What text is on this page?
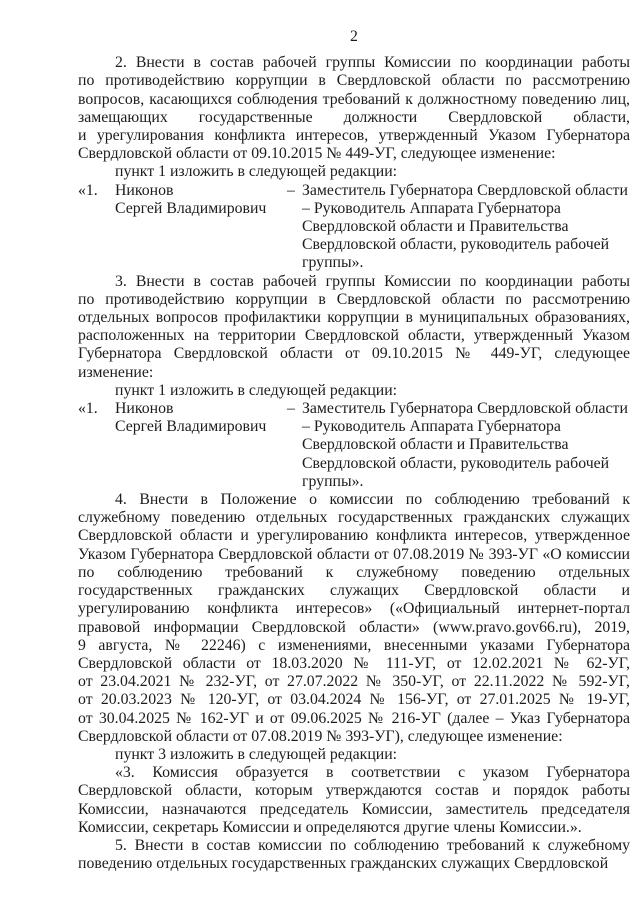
2

2. Внести в состав рабочей группы Комиссии по координации работы по противодействию коррупции в Свердловской области по рассмотрению вопросов, касающихся соблюдения требований к должностному поведению лиц, замещающих государственные должности Свердловской области, и урегулирования конфликта интересов, утвержденный Указом Губернатора Свердловской области от 09.10.2015 № 449-УГ, следующее изменение:

пункт 1 изложить в следующей редакции:

«1.	Никонов
Сергей Владимирович
– Заместитель Губернатора Свердловской области – Руководитель Аппарата Губернатора Свердловской области и Правительства Свердловской области, руководитель рабочей группы».

3. Внести в состав рабочей группы Комиссии по координации работы по противодействию коррупции в Свердловской области по рассмотрению отдельных вопросов профилактики коррупции в муниципальных образованиях, расположенных на территории Свердловской области, утвержденный Указом Губернатора Свердловской области от 09.10.2015 № 449-УГ, следующее изменение:

пункт 1 изложить в следующей редакции:

«1.	Никонов
Сергей Владимирович
– Заместитель Губернатора Свердловской области – Руководитель Аппарата Губернатора Свердловской области и Правительства Свердловской области, руководитель рабочей группы».

4. Внести в Положение о комиссии по соблюдению требований к служебному поведению отдельных государственных гражданских служащих Свердловской области и урегулированию конфликта интересов, утвержденное Указом Губернатора Свердловской области от 07.08.2019 № 393-УГ «О комиссии по соблюдению требований к служебному поведению отдельных государственных гражданских служащих Свердловской области и урегулированию конфликта интересов» («Официальный интернет-портал правовой информации Свердловской области» (www.pravo.gov66.ru), 2019, 9 августа, № 22246) с изменениями, внесенными указами Губернатора Свердловской области от 18.03.2020 № 111-УГ, от 12.02.2021 № 62-УГ, от 23.04.2021 № 232-УГ, от 27.07.2022 № 350-УГ, от 22.11.2022 № 592-УГ, от 20.03.2023 № 120-УГ, от 03.04.2024 № 156-УГ, от 27.01.2025 № 19-УГ, от 30.04.2025 № 162-УГ и от 09.06.2025 № 216-УГ (далее – Указ Губернатора Свердловской области от 07.08.2019 № 393-УГ), следующее изменение:

пункт 3 изложить в следующей редакции:

«3. Комиссия образуется в соответствии с указом Губернатора Свердловской области, которым утверждаются состав и порядок работы Комиссии, назначаются председатель Комиссии, заместитель председателя Комиссии, секретарь Комиссии и определяются другие члены Комиссии.».

5. Внести в состав комиссии по соблюдению требований к служебному поведению отдельных государственных гражданских служащих Свердловской
